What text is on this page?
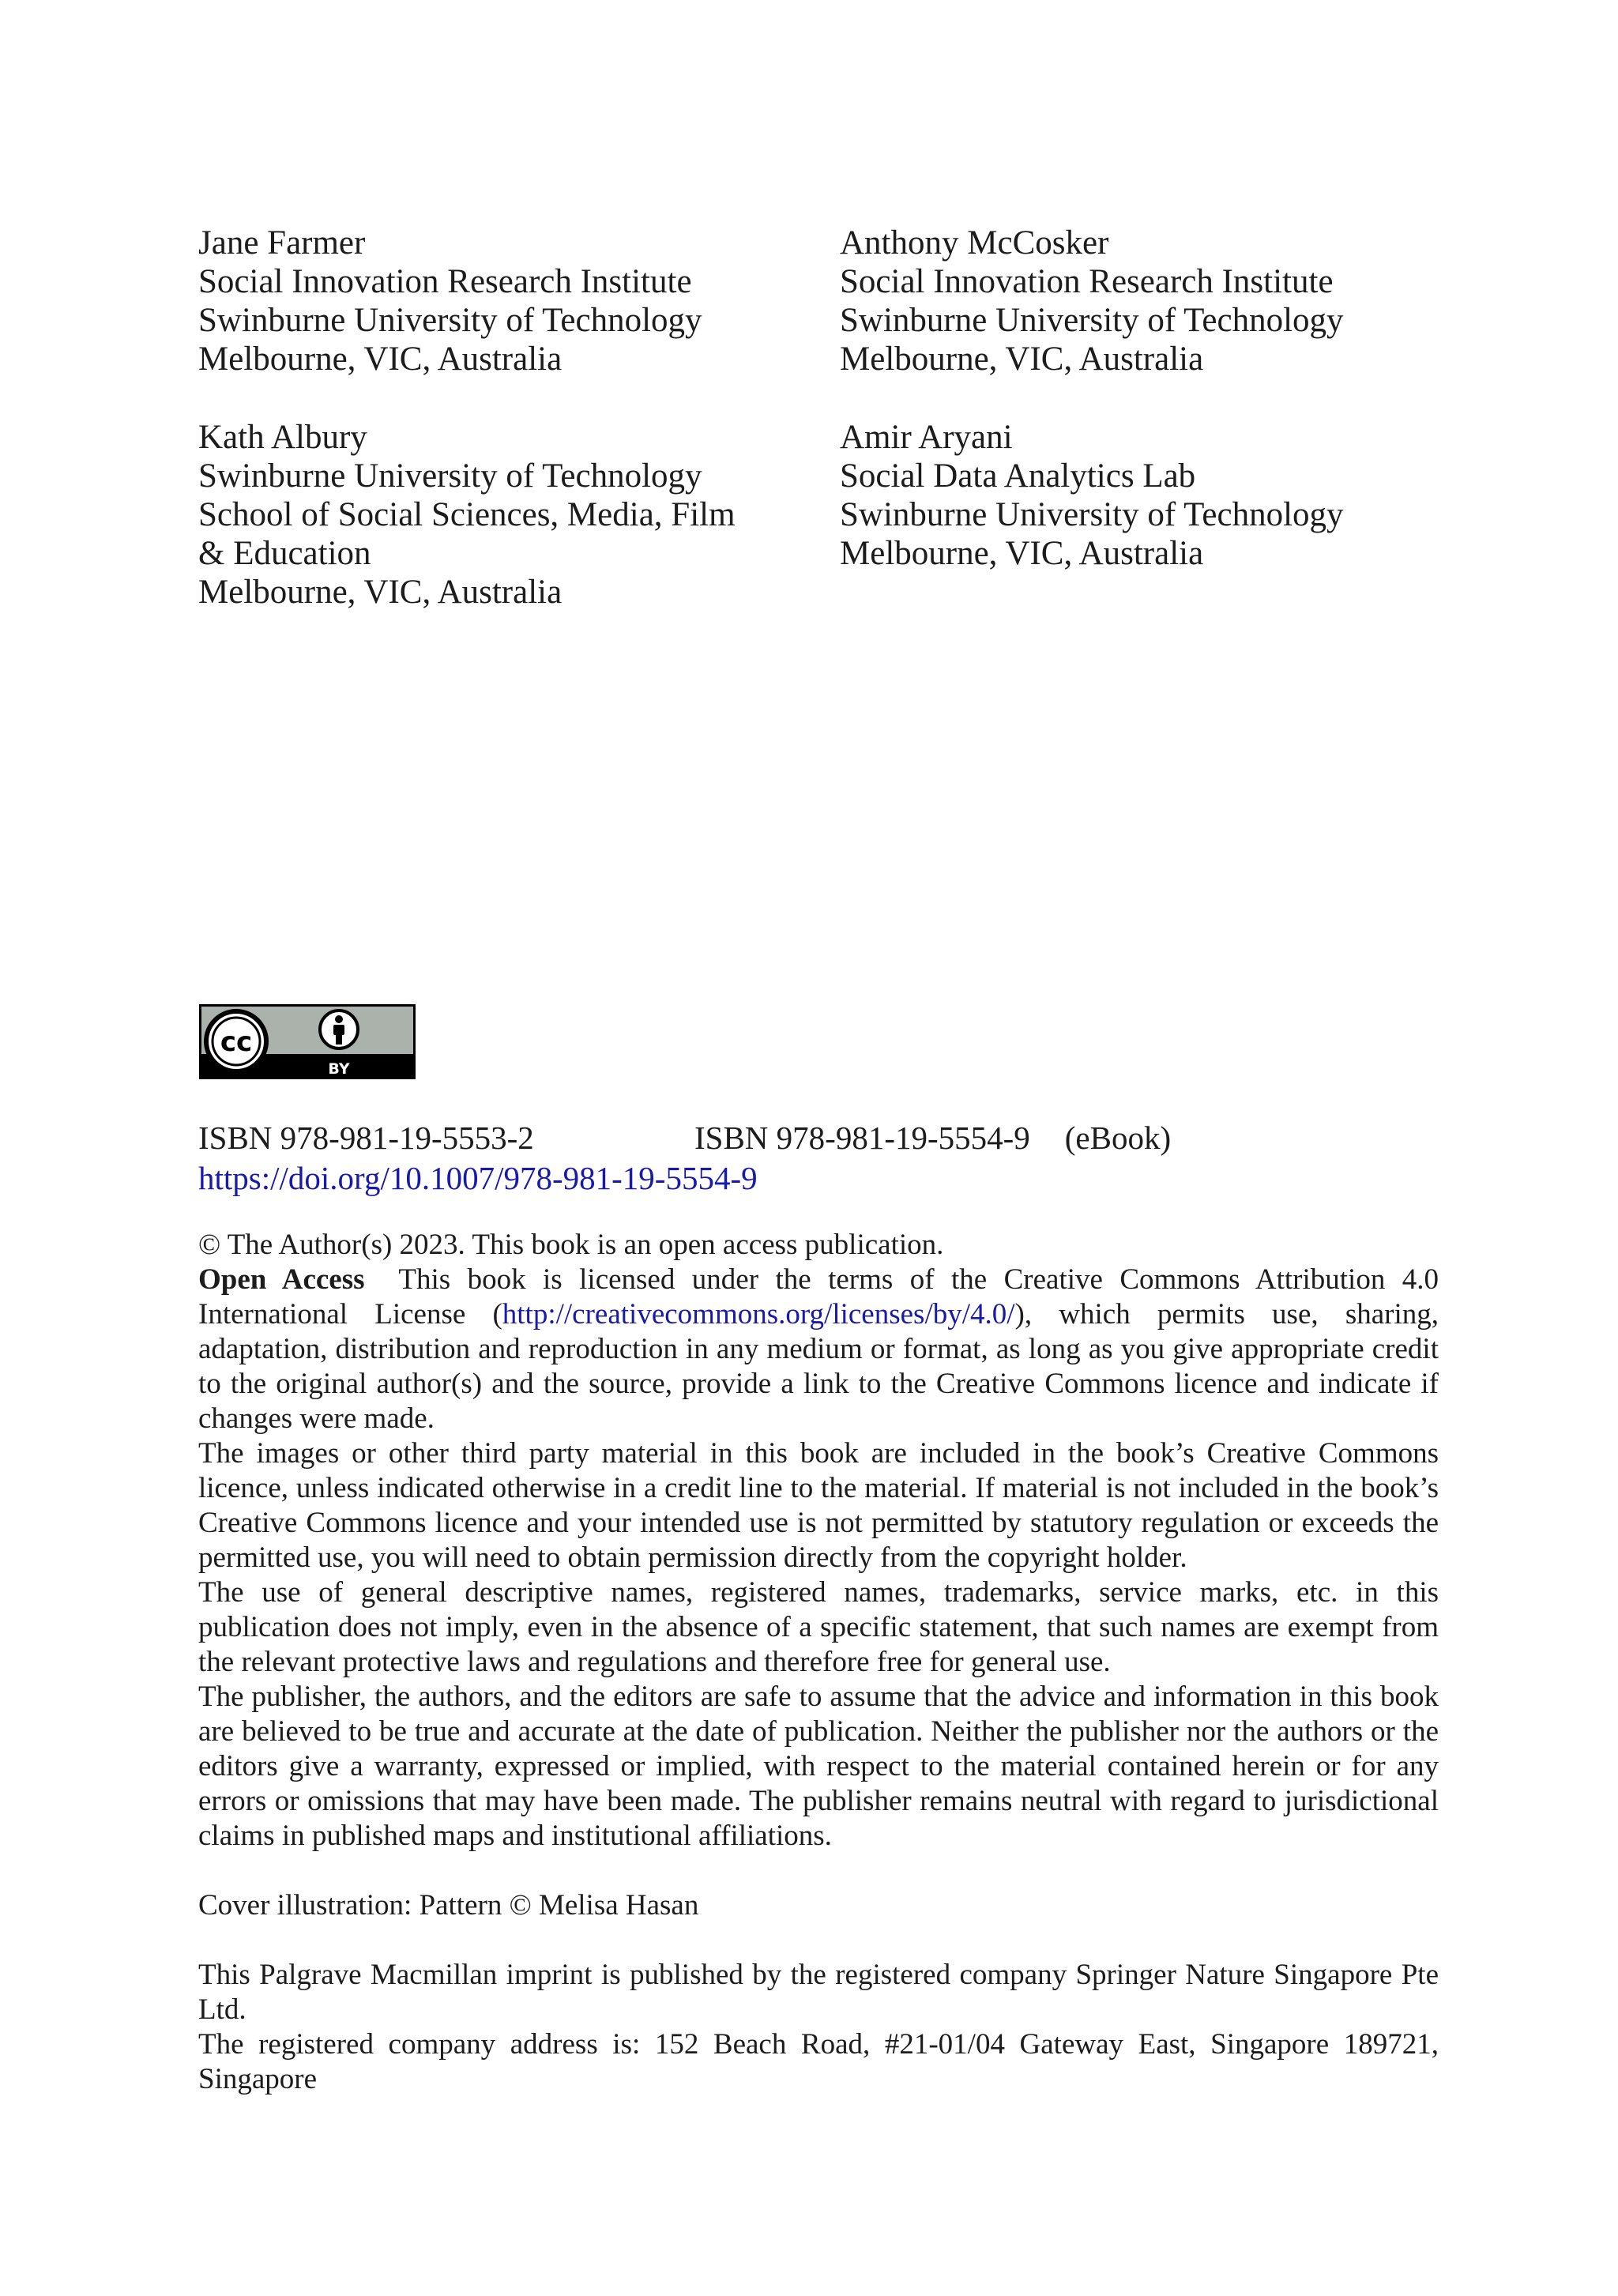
Jane Farmer
Social Innovation Research Institute
Swinburne University of Technology
Melbourne, VIC, Australia
Anthony McCosker
Social Innovation Research Institute
Swinburne University of Technology
Melbourne, VIC, Australia
Kath Albury
Swinburne University of Technology
School of Social Sciences, Media, Film
& Education
Melbourne, VIC, Australia
Amir Aryani
Social Data Analytics Lab
Swinburne University of Technology
Melbourne, VIC, Australia
cc
BY
ISBN 978-981-19-5553-2	ISBN 978-981-19-5554-9 (eBook)
https://doi.org/10.1007/978-981-19-5554-9

© The Author(s) 2023. This book is an open access publication.

Open Access This book is licensed under the terms of the Creative Commons Attribution 4.0 International License (http://creativecommons.org/licenses/by/4.0/), which permits use, sharing, adaptation, distribution and reproduction in any medium or format, as long as you give appropriate credit to the original author(s) and the source, provide a link to the Creative Commons licence and indicate if changes were made.

The images or other third party material in this book are included in the book’s Creative Commons licence, unless indicated otherwise in a credit line to the material. If material is not included in the book’s Creative Commons licence and your intended use is not permitted by statutory regulation or exceeds the permitted use, you will need to obtain permission directly from the copyright holder.

The use of general descriptive names, registered names, trademarks, service marks, etc. in this publication does not imply, even in the absence of a specific statement, that such names are exempt from the relevant protective laws and regulations and therefore free for general use.

The publisher, the authors, and the editors are safe to assume that the advice and information in this book are believed to be true and accurate at the date of publication. Neither the publisher nor the authors or the editors give a warranty, expressed or implied, with respect to the material contained herein or for any errors or omissions that may have been made. The publisher remains neutral with regard to jurisdictional claims in published maps and institutional affiliations.

Cover illustration: Pattern © Melisa Hasan

This Palgrave Macmillan imprint is published by the registered company Springer Nature Singapore Pte Ltd.

The registered company address is: 152 Beach Road, #21-01/04 Gateway East, Singapore 189721, Singapore
